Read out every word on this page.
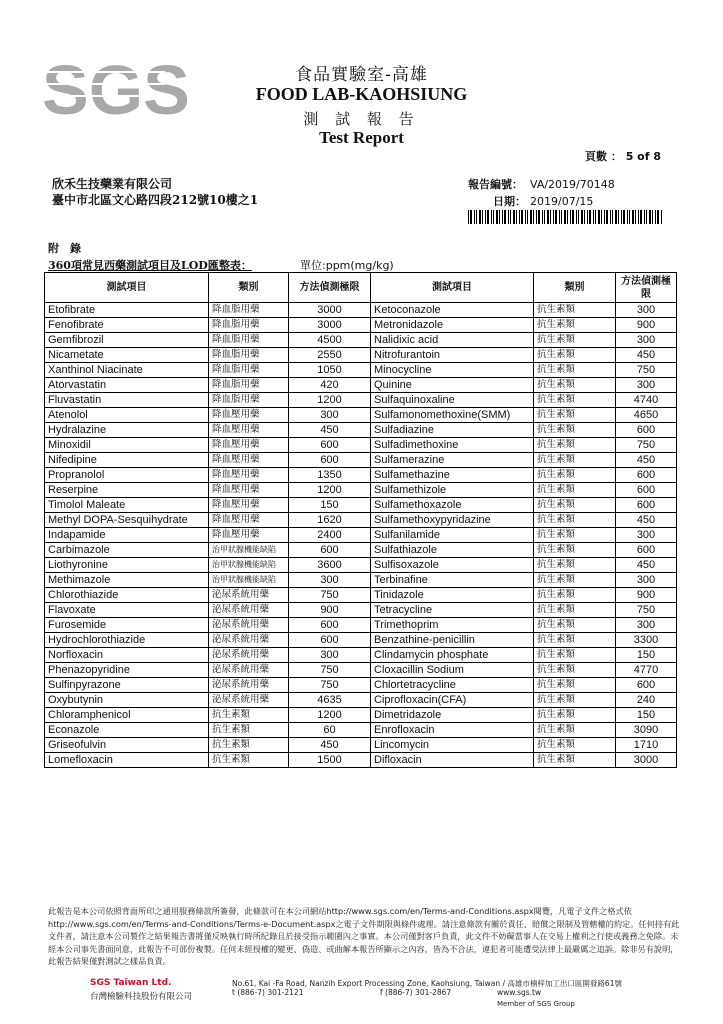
SGS	食品實驗室-高雄
FOOD LAB-KAOHSIUNG
測 試 報 告
Test Report
頁數 ： 5 of 8
欣禾生技藥業有限公司
臺中市北區文心路四段212號10樓之1
報告編號： VA/2019/70148
日期： 2019/07/15
附　錄
360項常見西藥測試項目及LOD匯整表：	單位:ppm(mg/kg)
測試項目	類別	方法偵測極限	測試項目	類別	方法偵測極限
Etofibrate	降血脂用藥	3000	Ketoconazole	抗生素類	300
Fenofibrate	降血脂用藥	3000	Metronidazole	抗生素類	900
Gemfibrozil	降血脂用藥	4500	Nalidixic acid	抗生素類	300
Nicametate	降血脂用藥	2550	Nitrofurantoin	抗生素類	450
Xanthinol Niacinate	降血脂用藥	1050	Minocycline	抗生素類	750
Atorvastatin	降血脂用藥	420	Quinine	抗生素類	300
Fluvastatin	降血脂用藥	1200	Sulfaquinoxaline	抗生素類	4740
Atenolol	降血壓用藥	300	Sulfamonomethoxine(SMM)	抗生素類	4650
Hydralazine	降血壓用藥	450	Sulfadiazine	抗生素類	600
Minoxidil	降血壓用藥	600	Sulfadimethoxine	抗生素類	750
Nifedipine	降血壓用藥	600	Sulfamerazine	抗生素類	450
Propranolol	降血壓用藥	1350	Sulfamethazine	抗生素類	600
Reserpine	降血壓用藥	1200	Sulfamethizole	抗生素類	600
Timolol Maleate	降血壓用藥	150	Sulfamethoxazole	抗生素類	600
Methyl DOPA-Sesquihydrate	降血壓用藥	1620	Sulfamethoxypyridazine	抗生素類	450
Indapamide	降血壓用藥	2400	Sulfanilamide	抗生素類	300
Carbimazole	治甲狀腺機能缺陷	600	Sulfathiazole	抗生素類	600
Liothyronine	治甲狀腺機能缺陷	3600	Sulfisoxazole	抗生素類	450
Methimazole	治甲狀腺機能缺陷	300	Terbinafine	抗生素類	300
Chlorothiazide	泌尿系統用藥	750	Tinidazole	抗生素類	900
Flavoxate	泌尿系統用藥	900	Tetracycline	抗生素類	750
Furosemide	泌尿系統用藥	600	Trimethoprim	抗生素類	300
Hydrochlorothiazide	泌尿系統用藥	600	Benzathine-penicillin	抗生素類	3300
Norfloxacin	泌尿系統用藥	300	Clindamycin phosphate	抗生素類	150
Phenazopyridine	泌尿系統用藥	750	Cloxacillin Sodium	抗生素類	4770
Sulfinpyrazone	泌尿系統用藥	750	Chlortetracycline	抗生素類	600
Oxybutynin	泌尿系統用藥	4635	Ciprofloxacin(CFA)	抗生素類	240
Chloramphenicol	抗生素類	1200	Dimetridazole	抗生素類	150
Econazole	抗生素類	60	Enrofloxacin	抗生素類	3090
Griseofulvin	抗生素類	450	Lincomycin	抗生素類	1710
Lomefloxacin	抗生素類	1500	Difloxacin	抗生素類	3000
此報告是本公司依照背面所印之通用服務條款所簽發，此條款可在本公司網站http://www.sgs.com/en/Terms-and-Conditions.aspx閱覽，凡電子文件之格式依http://www.sgs.com/en/Terms-and-Conditions/Terms-e-Document.aspx之電子文件期限與條件處理。請注意條款有關於責任、賠償之限制及管轄權的約定。任何持有此文件者，請注意本公司製作之結果報告書將僅反映執行時所紀錄且於接受指示範圍內之事實。本公司僅對客戶負責，此文件不妨礙當事人在交易上權利之行使或義務之免除。未經本公司事先書面同意，此報告不可部份複製。任何未經授權的變更、偽造、或曲解本報告所顯示之內容，皆為不合法，違犯者可能遭受法律上最嚴厲之追訴。除非另有說明，此報告結果僅對測試之樣品負責。
SGS Taiwan Ltd.
台灣檢驗科技股份有限公司
No.61, Kai -Fa Road, Nanzih Export Processing Zone, Kaohsiung, Taiwan / 高雄市楠梓加工出口區開發路61號
t (886-7) 301-2121	f (886-7) 301-2867	www.sgs.tw
Member of SGS Group
